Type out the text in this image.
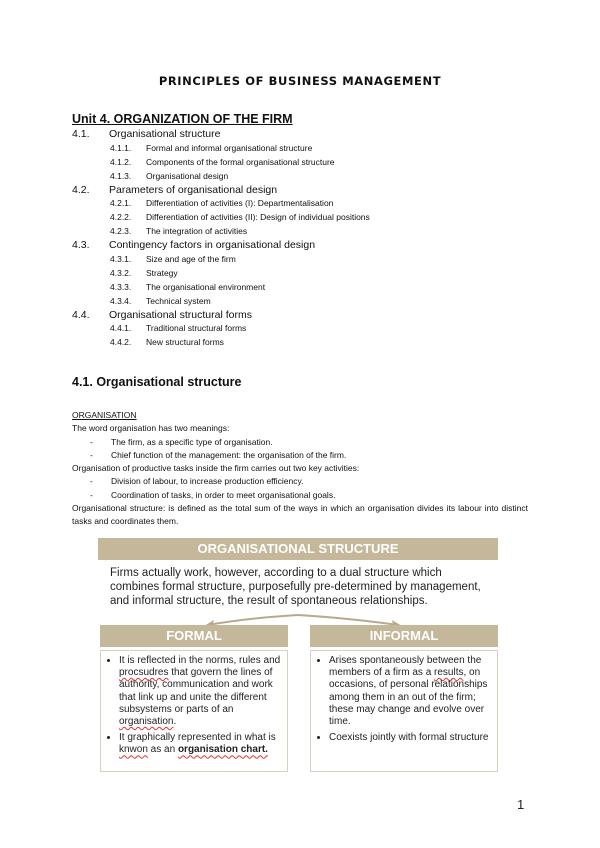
PRINCIPLES OF BUSINESS MANAGEMENT
Unit 4. ORGANIZATION OF THE FIRM
4.1. Organisational structure
4.1.1. Formal and informal organisational structure
4.1.2. Components of the formal organisational structure
4.1.3. Organisational design
4.2. Parameters of organisational design
4.2.1. Differentiation of activities (I): Departmentalisation
4.2.2. Differentiation of activities (II): Design of individual positions
4.2.3. The integration of activities
4.3. Contingency factors in organisational design
4.3.1. Size and age of the firm
4.3.2. Strategy
4.3.3. The organisational environment
4.3.4. Technical system
4.4. Organisational structural forms
4.4.1. Traditional structural forms
4.4.2. New structural forms
4.1. Organisational structure
ORGANISATION
The word organisation has two meanings:
- The firm, as a specific type of organisation.
- Chief function of the management: the organisation of the firm.
Organisation of productive tasks inside the firm carries out two key activities:
- Division of labour, to increase production efficiency.
- Coordination of tasks, in order to meet organisational goals.
Organisational structure: is defined as the total sum of the ways in which an organisation divides its labour into distinct tasks and coordinates them.
ORGANISATIONAL STRUCTURE

Firms actually work, however, according to a dual structure which combines formal structure, purposefully pre-determined by management, and informal structure, the result of spontaneous relationships.

FORMAL	INFORMAL
• It is reflected in the norms, rules and procsudres that govern the lines of authority, communication and work that link up and unite the different subsystems or parts of an organisation.
• It graphically represented in what is knwon as an organisation chart.
• Arises spontaneously between the members of a firm as a results, on occasions, of personal relationships among them in an out of the firm; these may change and evolve over time.
• Coexists jointly with formal structure
1
